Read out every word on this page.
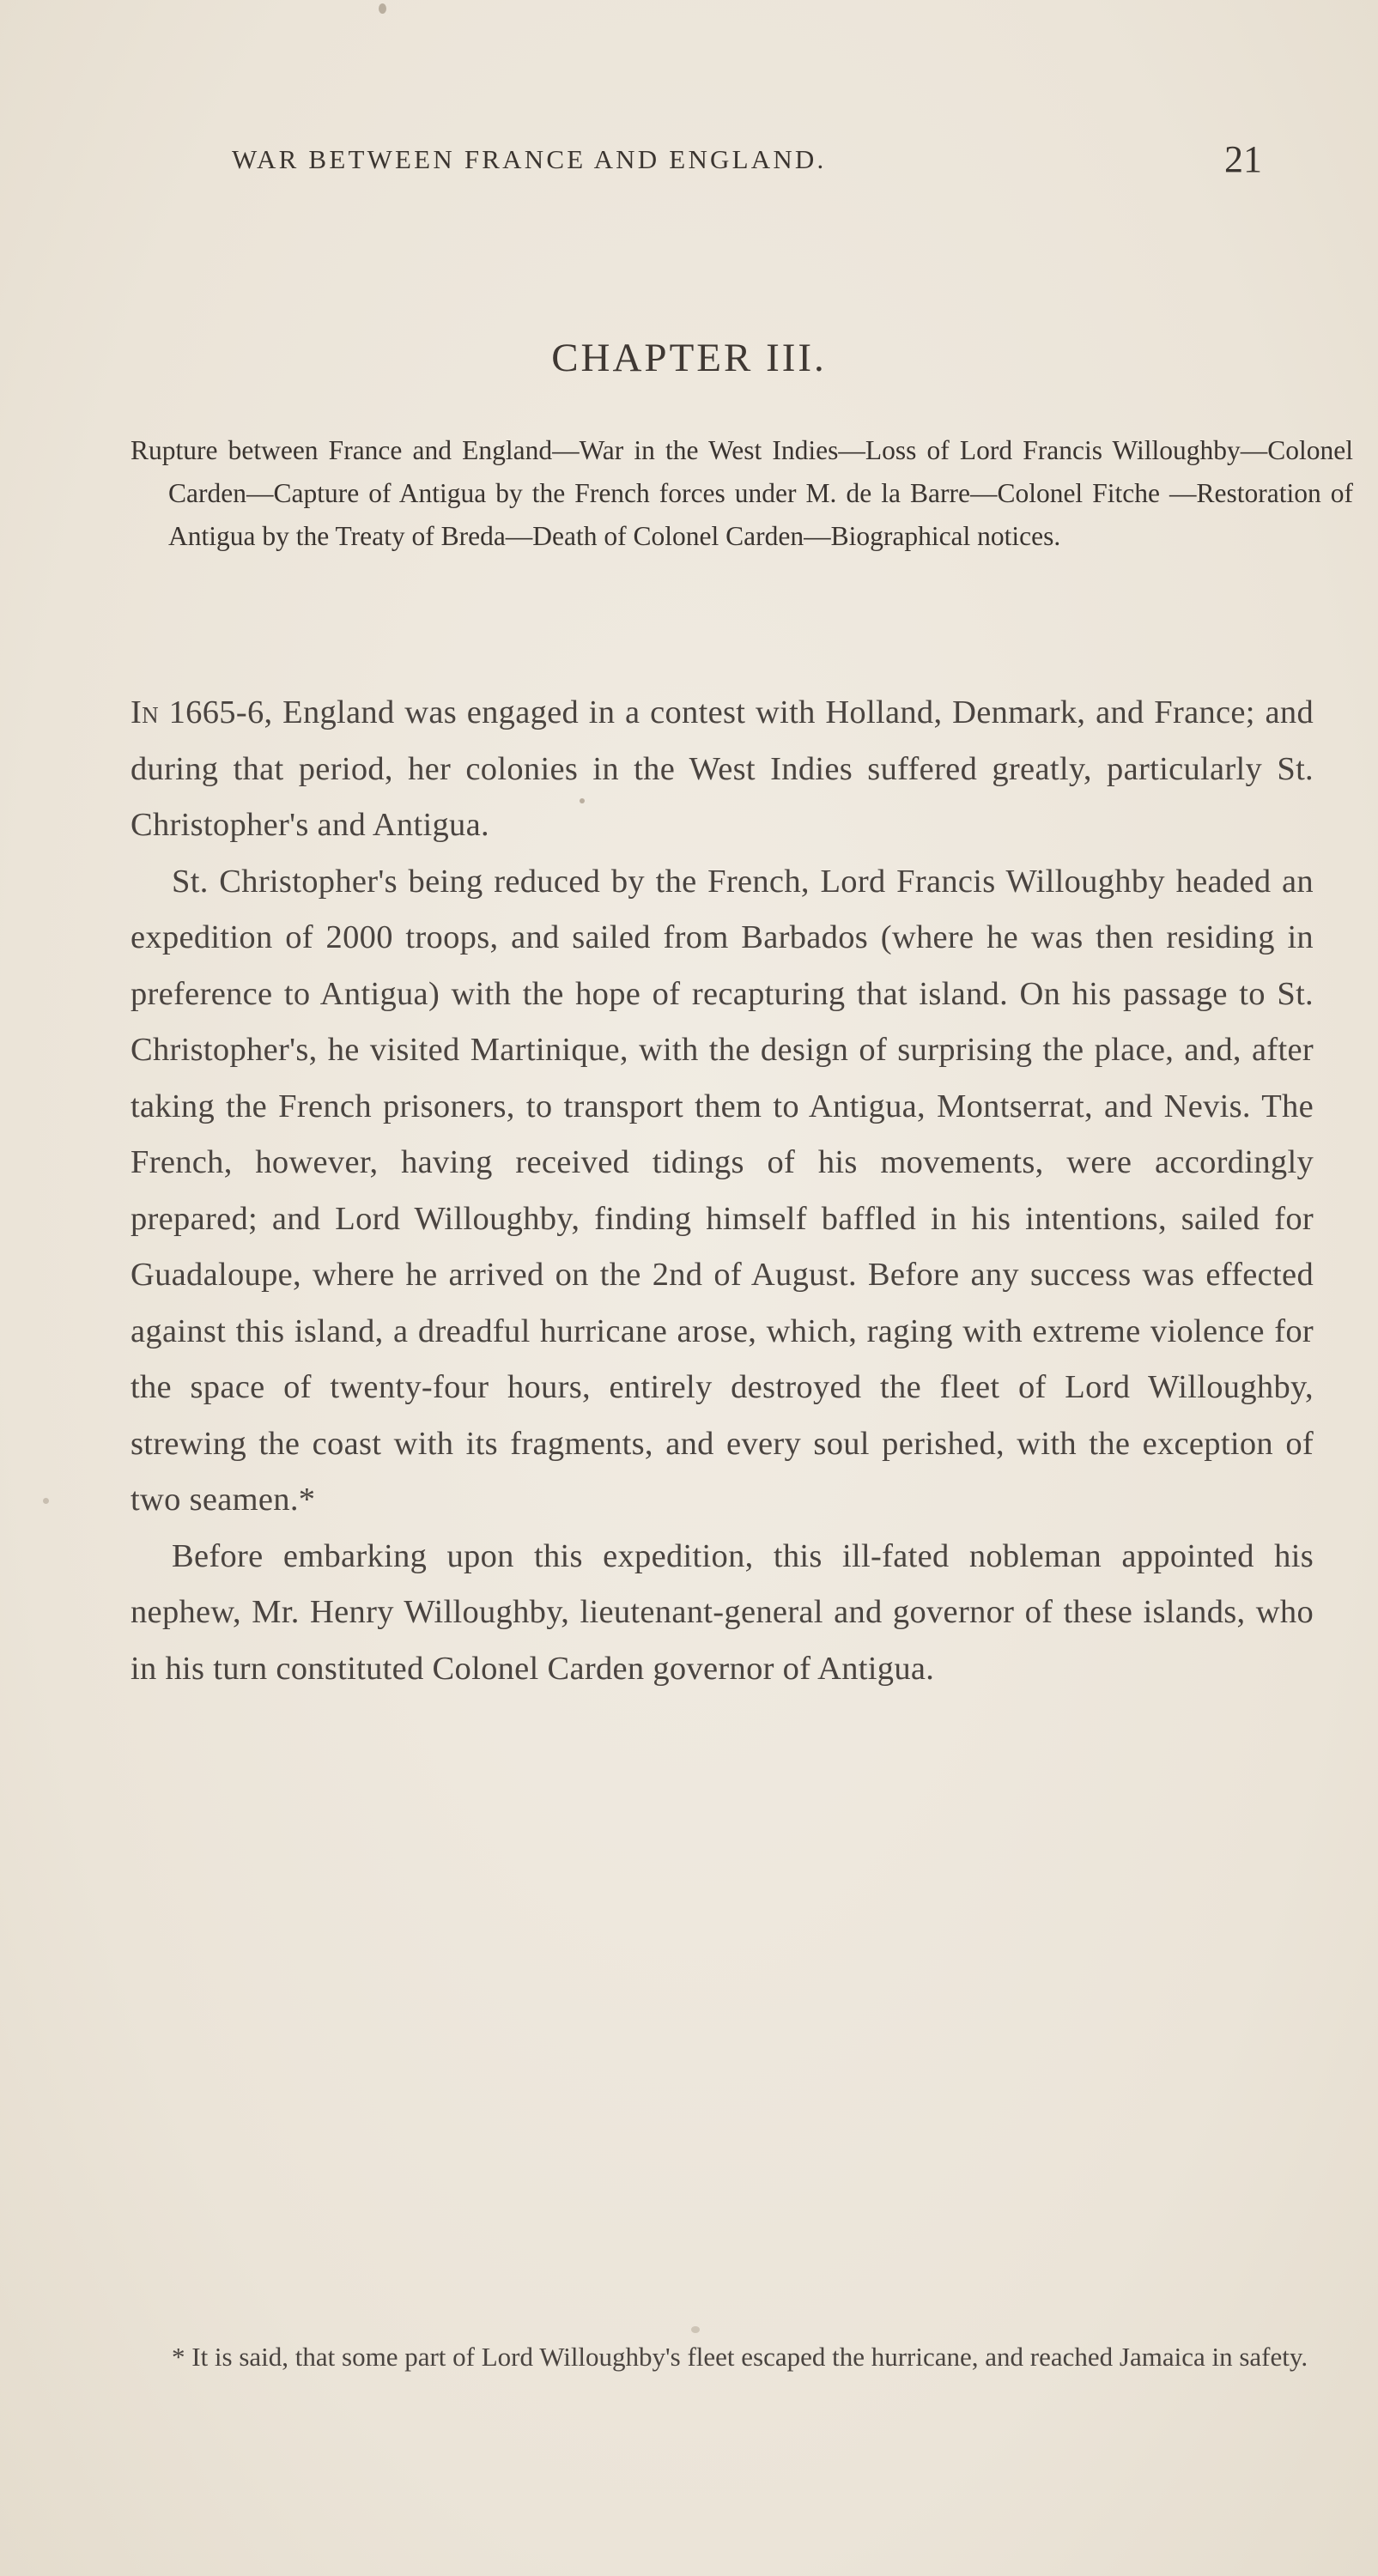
WAR BETWEEN FRANCE AND ENGLAND.	21
CHAPTER III.
Rupture between France and England—War in the West Indies—Loss of Lord Francis Willoughby—Colonel Carden—Capture of Antigua by the French forces under M. de la Barre—Colonel Fitche —Restoration of Antigua by the Treaty of Breda—Death of Colonel Carden—Biographical notices.

In 1665-6, England was engaged in a contest with Holland, Denmark, and France; and during that period, her colonies in the West Indies suffered greatly, particularly St. Christopher's and Antigua.

St. Christopher's being reduced by the French, Lord Francis Willoughby headed an expedition of 2000 troops, and sailed from Barbados (where he was then residing in preference to Antigua) with the hope of recapturing that island. On his passage to St. Christopher's, he visited Martinique, with the design of surprising the place, and, after taking the French prisoners, to transport them to Antigua, Montserrat, and Nevis. The French, however, having received tidings of his movements, were accordingly prepared; and Lord Willoughby, finding himself baffled in his intentions, sailed for Guadaloupe, where he arrived on the 2nd of August. Before any success was effected against this island, a dreadful hurricane arose, which, raging with extreme violence for the space of twenty-four hours, entirely destroyed the fleet of Lord Willoughby, strewing the coast with its fragments, and every soul perished, with the exception of two seamen.*

Before embarking upon this expedition, this ill-fated nobleman appointed his nephew, Mr. Henry Willoughby, lieutenant-general and governor of these islands, who in his turn constituted Colonel Carden governor of Antigua.

* It is said, that some part of Lord Willoughby's fleet escaped the hurricane, and reached Jamaica in safety.
